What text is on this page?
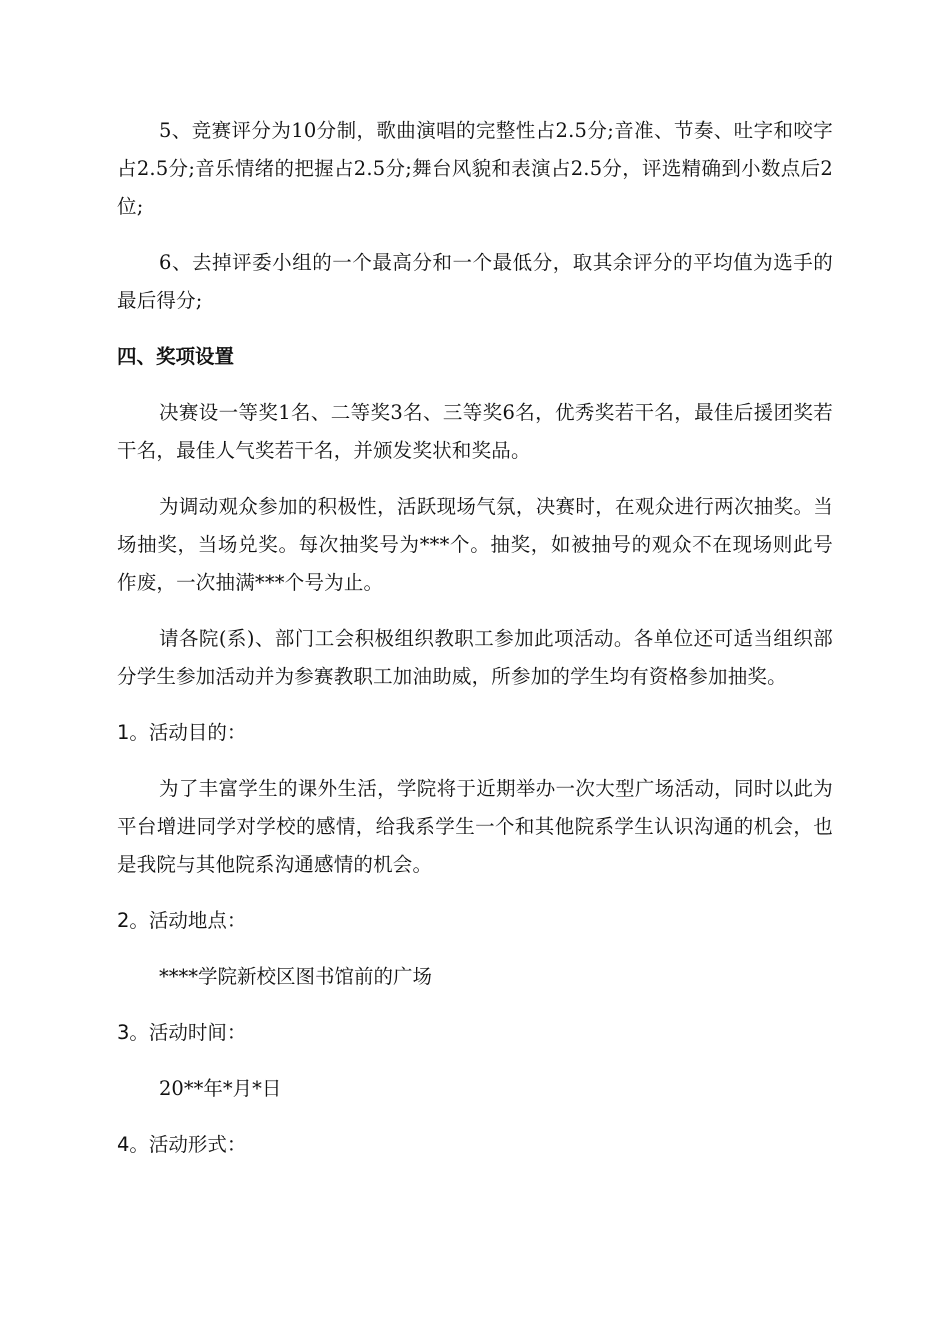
5、竞赛评分为10分制，歌曲演唱的完整性占2.5分;音准、节奏、吐字和咬字占2.5分;音乐情绪的把握占2.5分;舞台风貌和表演占2.5分，评选精确到小数点后2位;

6、去掉评委小组的一个最高分和一个最低分，取其余评分的平均值为选手的最后得分;

四、奖项设置

决赛设一等奖1名、二等奖3名、三等奖6名，优秀奖若干名，最佳后援团奖若干名，最佳人气奖若干名，并颁发奖状和奖品。

为调动观众参加的积极性，活跃现场气氛，决赛时，在观众进行两次抽奖。当场抽奖，当场兑奖。每次抽奖号为***个。抽奖，如被抽号的观众不在现场则此号作废，一次抽满***个号为止。

请各院(系)、部门工会积极组织教职工参加此项活动。各单位还可适当组织部分学生参加活动并为参赛教职工加油助威，所参加的学生均有资格参加抽奖。

1。活动目的：

为了丰富学生的课外生活，学院将于近期举办一次大型广场活动，同时以此为平台增进同学对学校的感情，给我系学生一个和其他院系学生认识沟通的机会，也是我院与其他院系沟通感情的机会。

2。活动地点：

****学院新校区图书馆前的广场

3。活动时间：

20**年*月*日

4。活动形式：
